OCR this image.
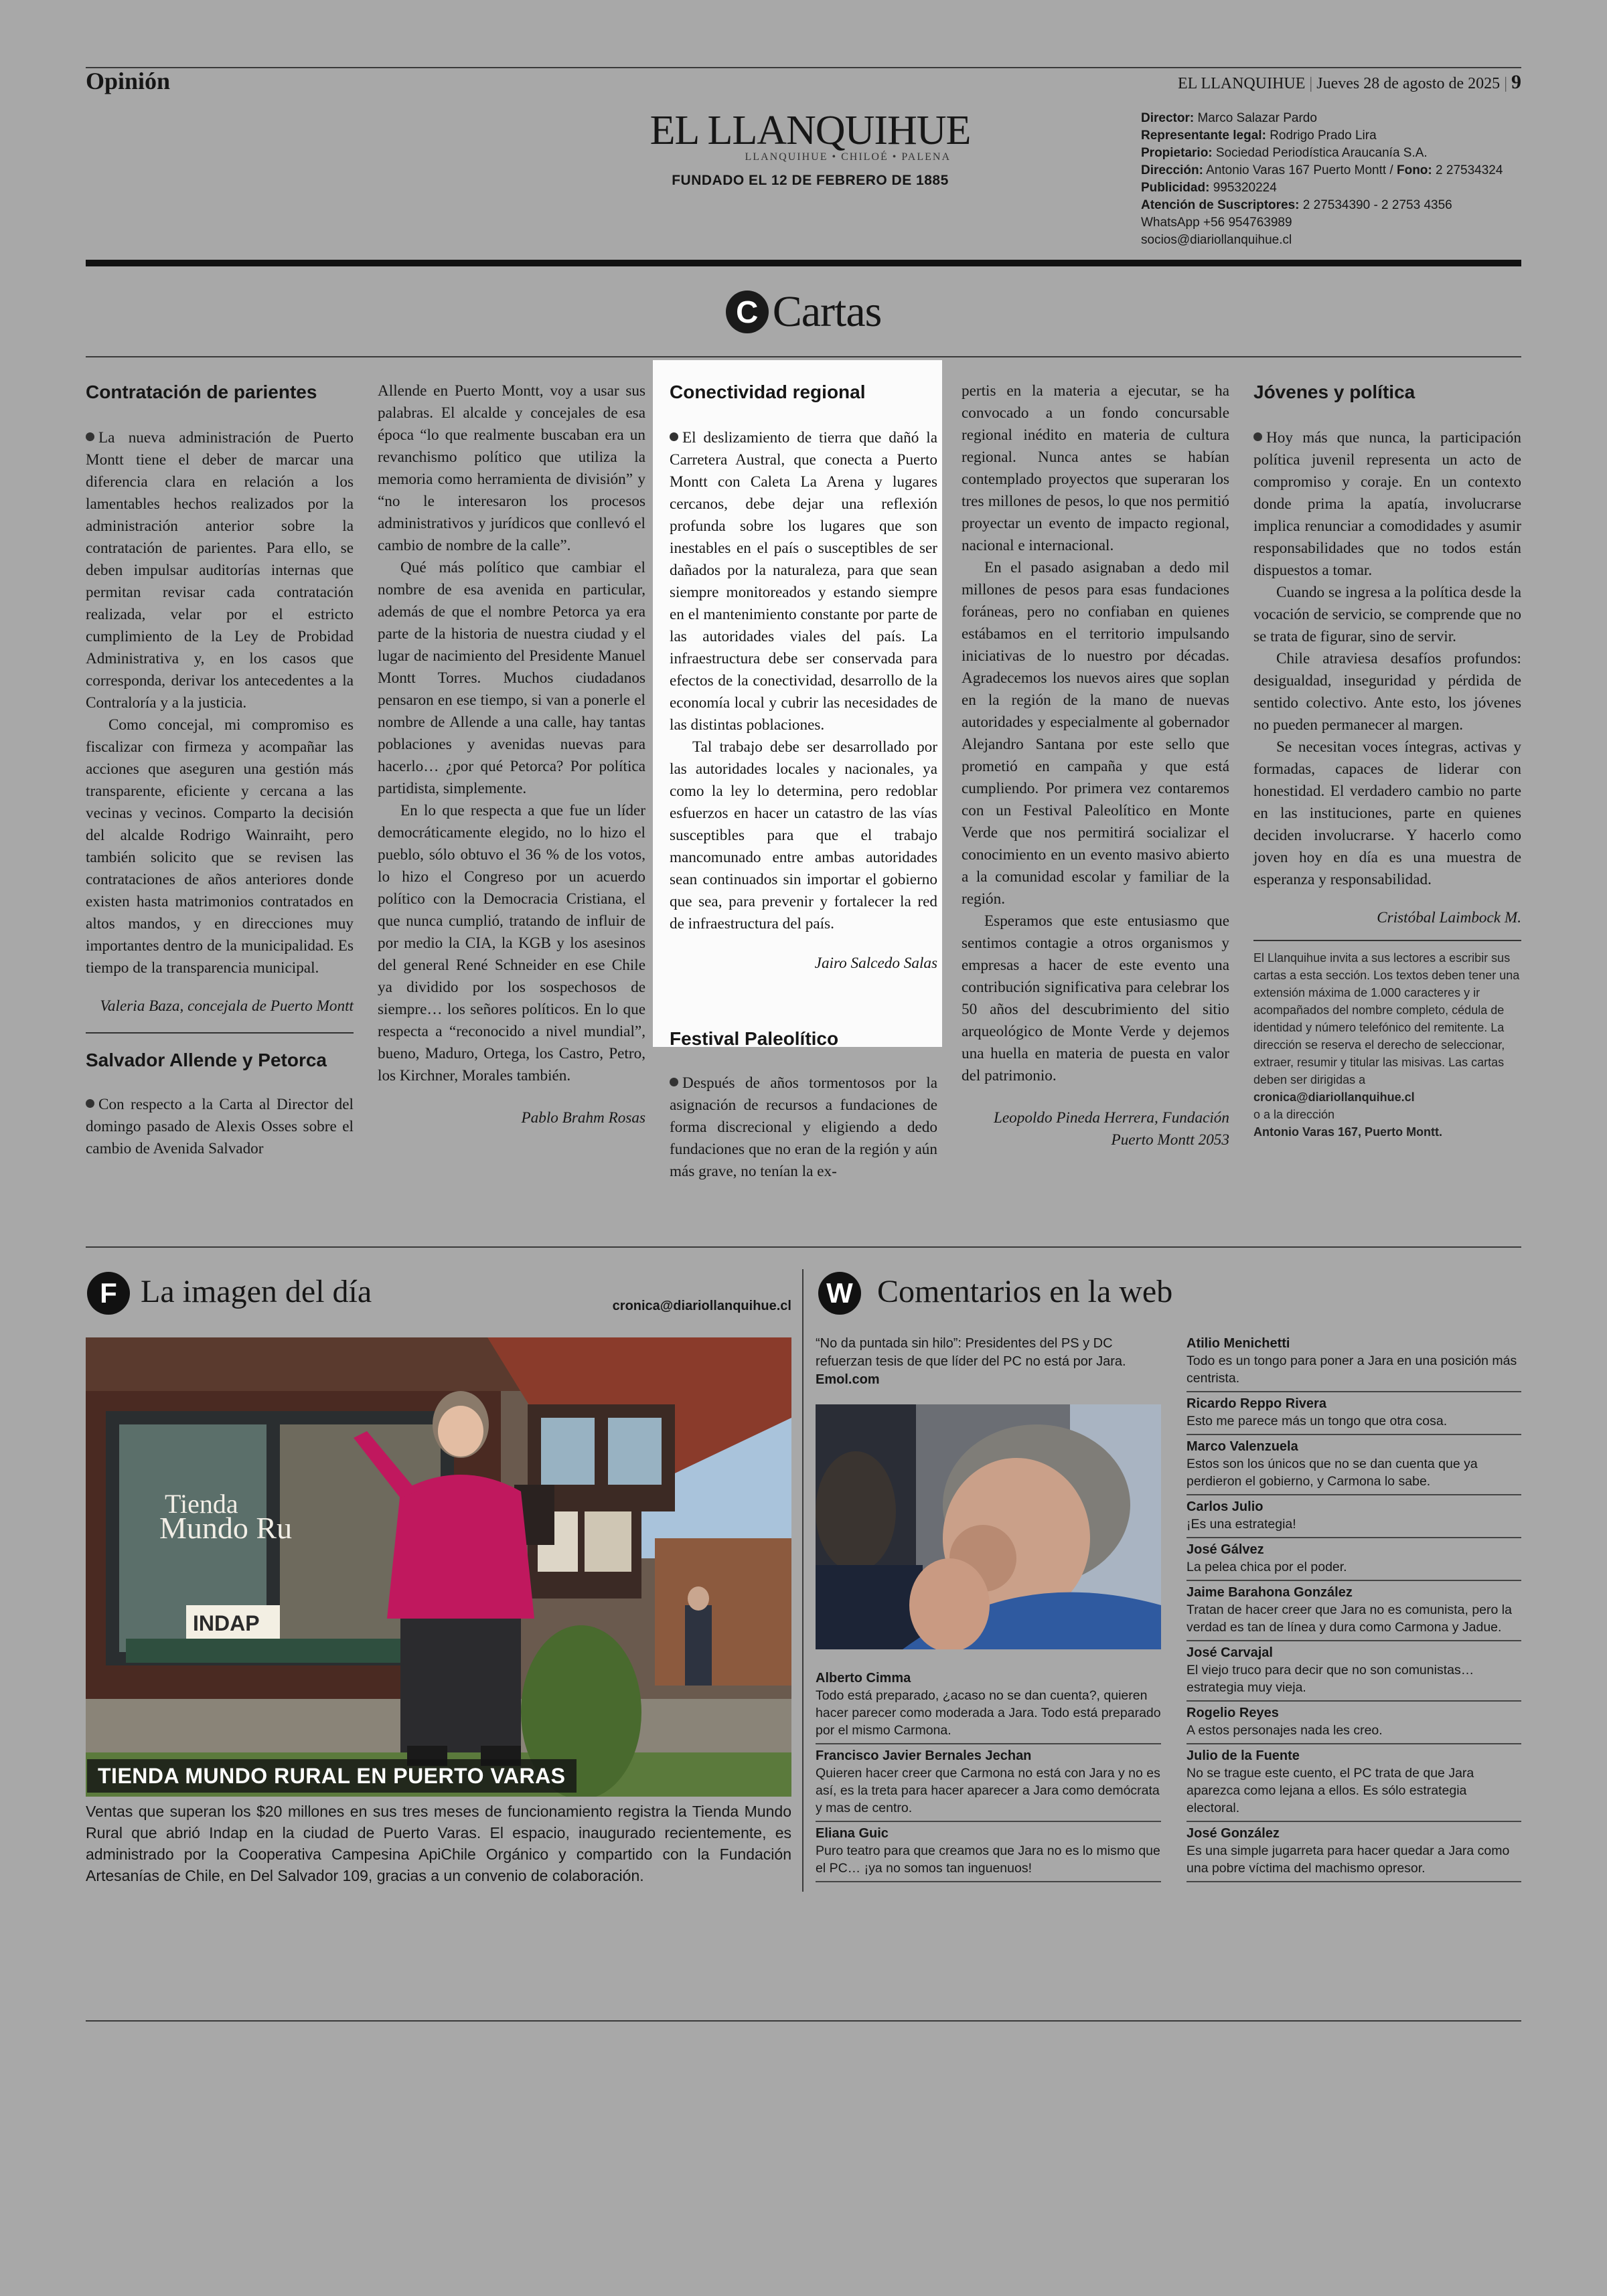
Opinión	EL LLANQUIHUE | Jueves 28 de agosto de 2025 | 9
EL LLANQUIHUE
LLANQUIHUE • CHILOÉ • PALENA
FUNDADO EL 12 DE FEBRERO DE 1885
Director: Marco Salazar Pardo
Representante legal: Rodrigo Prado Lira
Propietario: Sociedad Periodística Araucanía S.A.
Dirección: Antonio Varas 167 Puerto Montt / Fono: 2 27534324
Publicidad: 995320224
Atención de Suscriptores: 2 27534390 - 2 2753 4356
WhatsApp +56 954763989
socios@diariollanquihue.cl
C Cartas
Contratación de parientes

La nueva administración de Puerto Montt tiene el deber de marcar una diferencia clara en relación a los lamentables hechos realizados por la administración anterior sobre la contratación de parientes. Para ello, se deben impulsar auditorías internas que permitan revisar cada contratación realizada, velar por el estricto cumplimiento de la Ley de Probidad Administrativa y, en los casos que corresponda, derivar los antecedentes a la Contraloría y a la justicia.

Como concejal, mi compromiso es fiscalizar con firmeza y acompañar las acciones que aseguren una gestión más transparente, eficiente y cercana a las vecinas y vecinos. Comparto la decisión del alcalde Rodrigo Wainraiht, pero también solicito que se revisen las contrataciones de años anteriores donde existen hasta matrimonios contratados en altos mandos, y en direcciones muy importantes dentro de la municipalidad. Es tiempo de la transparencia municipal.

Valeria Baza, concejala de Puerto Montt
Salvador Allende y Petorca

Con respecto a la Carta al Director del domingo pasado de Alexis Osses sobre el cambio de Avenida Salvador

Allende en Puerto Montt, voy a usar sus palabras. El alcalde y concejales de esa época “lo que realmente buscaban era un revanchismo político que utiliza la memoria como herramienta de división” y “no le interesaron los procesos administrativos y jurídicos que conllevó el cambio de nombre de la calle”.

Qué más político que cambiar el nombre de esa avenida en particular, además de que el nombre Petorca ya era parte de la historia de nuestra ciudad y el lugar de nacimiento del Presidente Manuel Montt Torres. Muchos ciudadanos pensaron en ese tiempo, si van a ponerle el nombre de Allende a una calle, hay tantas poblaciones y avenidas nuevas para hacerlo… ¿por qué Petorca? Por política partidista, simplemente.

En lo que respecta a que fue un líder democráticamente elegido, no lo hizo el pueblo, sólo obtuvo el 36 % de los votos, lo hizo el Congreso por un acuerdo político con la Democracia Cristiana, el que nunca cumplió, tratando de influir de por medio la CIA, la KGB y los asesinos del general René Schneider en ese Chile ya dividido por los sospechosos de siempre… los señores políticos. En lo que respecta a “reconocido a nivel mundial”, bueno, Maduro, Ortega, los Castro, Petro, los Kirchner, Morales también.

Pablo Brahm Rosas
Conectividad regional

El deslizamiento de tierra que dañó la Carretera Austral, que conecta a Puerto Montt con Caleta La Arena y lugares cercanos, debe dejar una reflexión profunda sobre los lugares que son inestables en el país o susceptibles de ser dañados por la naturaleza, para que sean siempre monitoreados y estando siempre en el mantenimiento constante por parte de las autoridades viales del país. La infraestructura debe ser conservada para efectos de la conectividad, desarrollo de la economía local y cubrir las necesidades de las distintas poblaciones.

Tal trabajo debe ser desarrollado por las autoridades locales y nacionales, ya como la ley lo determina, pero redoblar esfuerzos en hacer un catastro de las vías susceptibles para que el trabajo mancomunado entre ambas autoridades sean continuados sin importar el gobierno que sea, para prevenir y fortalecer la red de infraestructura del país.

Jairo Salcedo Salas
Festival Paleolítico

Después de años tormentosos por la asignación de recursos a fundaciones de forma discrecional y eligiendo a dedo fundaciones que no eran de la región y aún más grave, no tenían la ex-

pertis en la materia a ejecutar, se ha convocado a un fondo concursable regional inédito en materia de cultura regional. Nunca antes se habían contemplado proyectos que superaran los tres millones de pesos, lo que nos permitió proyectar un evento de impacto regional, nacional e internacional.

En el pasado asignaban a dedo mil millones de pesos para esas fundaciones foráneas, pero no confiaban en quienes estábamos en el territorio impulsando iniciativas de lo nuestro por décadas. Agradecemos los nuevos aires que soplan en la región de la mano de nuevas autoridades y especialmente al gobernador Alejandro Santana por este sello que prometió en campaña y que está cumpliendo. Por primera vez contaremos con un Festival Paleolítico en Monte Verde que nos permitirá socializar el conocimiento en un evento masivo abierto a la comunidad escolar y familiar de la región.

Esperamos que este entusiasmo que sentimos contagie a otros organismos y empresas a hacer de este evento una contribución significativa para celebrar los 50 años del descubrimiento del sitio arqueológico de Monte Verde y dejemos una huella en materia de puesta en valor del patrimonio.

Leopoldo Pineda Herrera, Fundación Puerto Montt 2053
Jóvenes y política

Hoy más que nunca, la participación política juvenil representa un acto de compromiso y coraje. En un contexto donde prima la apatía, involucrarse implica renunciar a comodidades y asumir responsabilidades que no todos están dispuestos a tomar.

Cuando se ingresa a la política desde la vocación de servicio, se comprende que no se trata de figurar, sino de servir.

Chile atraviesa desafíos profundos: desigualdad, inseguridad y pérdida de sentido colectivo. Ante esto, los jóvenes no pueden permanecer al margen.

Se necesitan voces íntegras, activas y formadas, capaces de liderar con honestidad. El verdadero cambio no parte en las instituciones, parte en quienes deciden involucrarse. Y hacerlo como joven hoy en día es una muestra de esperanza y responsabilidad.

Cristóbal Laimbock M.
El Llanquihue invita a sus lectores a escribir sus cartas a esta sección. Los textos deben tener una extensión máxima de 1.000 caracteres y ir acompañados del nombre completo, cédula de identidad y número telefónico del remitente. La dirección se reserva el derecho de seleccionar, extraer, resumir y titular las misivas. Las cartas deben ser dirigidas a
cronica@diariollanquihue.cl
o a la dirección
Antonio Varas 167, Puerto Montt.
F La imagen del día	cronica@diariollanquihue.cl
Tienda
Mundo Ru
INDAP
TIENDA MUNDO RURAL EN PUERTO VARAS
Ventas que superan los $20 millones en sus tres meses de funcionamiento registra la Tienda Mundo Rural que abrió Indap en la ciudad de Puerto Varas. El espacio, inaugurado recientemente, es administrado por la Cooperativa Campesina ApiChile Orgánico y compartido con la Fundación Artesanías de Chile, en Del Salvador 109, gracias a un convenio de colaboración.
W Comentarios en la web
“No da puntada sin hilo”: Presidentes del PS y DC refuerzan tesis de que líder del PC no está por Jara. Emol.com
Alberto Cimma
Todo está preparado, ¿acaso no se dan cuenta?, quieren hacer parecer como moderada a Jara. Todo está preparado por el mismo Carmona.
Francisco Javier Bernales Jechan
Quieren hacer creer que Carmona no está con Jara y no es así, es la treta para hacer aparecer a Jara como demócrata y mas de centro.
Eliana Guic
Puro teatro para que creamos que Jara no es lo mismo que el PC… ¡ya no somos tan inguenuos!
Atilio Menichetti
Todo es un tongo para poner a Jara en una posición más centrista.
Ricardo Reppo Rivera
Esto me parece más un tongo que otra cosa.
Marco Valenzuela
Estos son los únicos que no se dan cuenta que ya perdieron el gobierno, y Carmona lo sabe.
Carlos Julio
¡Es una estrategia!
José Gálvez
La pelea chica por el poder.
Jaime Barahona González
Tratan de hacer creer que Jara no es comunista, pero la verdad es tan de línea y dura como Carmona y Jadue.
José Carvajal
El viejo truco para decir que no son comunistas… estrategia muy vieja.
Rogelio Reyes
A estos personajes nada les creo.
Julio de la Fuente
No se trague este cuento, el PC trata de que Jara aparezca como lejana a ellos. Es sólo estrategia electoral.
José González
Es una simple jugarreta para hacer quedar a Jara como una pobre víctima del machismo opresor.
